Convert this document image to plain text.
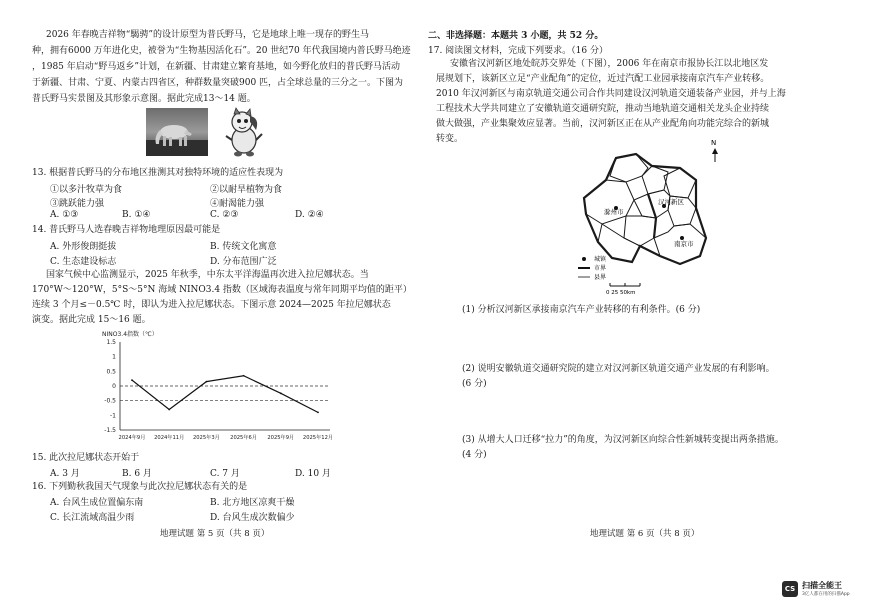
2026 年春晚吉祥物“騔骋”的设计原型为普氏野马，它是地球上唯一现存的野生马
种，拥有6000 万年进化史，被誉为“生物基因活化石”。20 世纪70 年代我国境内普氏野马绝迹
，1985 年启动“野马返乡”计划，在新疆、甘肃建立繁育基地，如今野化放归的普氏野马活动
于新疆、甘肃、宁夏、内蒙古四省区，种群数量突破900 匹，占全球总量的三分之一。下图为
普氏野马实景图及其形象示意图。据此完成13～14 题。
13. 根据普氏野马的分布地区推测其对独特环境的适应性表现为
①以多汁牧草为食	②以耐旱植物为食
③跳跃能力强	④耐渴能力强
A. ①③	B. ①④	C. ②③	D. ②④
14. 普氏野马人选春晚吉祥物地理原因最可能是
A. 外形俊朗挺拔	B. 传统文化寓意
C. 生态建设标志	D. 分布范围广泛
国家气候中心监测显示，2025 年秋季，中东太平洋海温再次进入拉尼娜状态。当
170°W～120°W，5°S～5°N 海域 NINO3.4 指数（区域海表温度与常年同期平均值的距平）
连续 3 个月≤－0.5℃ 时，即认为进入拉尼娜状态。下图示意 2024—2025 年拉尼娜状态
演变。据此完成 15～16 题。
NINO3.4指数（℃）
1.5
1
0.5
0
-0.5
-1
-1.5
2024年9月 2024年11月 2025年3月 2025年6月 2025年9月 2025年12月
15. 此次拉尼娜状态开始于
A. 3 月	B. 6 月	C. 7 月	D. 10 月
16. 下列勤秋我国天气现象与此次拉尼娜状态有关的是
A. 台风生成位置偏东南	B. 北方地区凉爽干燥
C. 长江流域高温少雨	D. 台风生成次数偏少
地理试题 第 5 页（共 8 页）
二、非选择题：本题共 3 小题，共 52 分。
17. 阅读图文材料，完成下列要求。（16 分）
安徽省汉河新区地处皖苏交界处（下图），2006 年在南京市报协长江以北地区发
展规划下，该新区立足“产业配角”的定位，近过汽配工业园承接南京汽车产业转移。
2010 年汉河新区与南京轨道交通公司合作共同建设汉河轨道交通装备产业园，并与上海
工程技术大学共同建立了安徽轨道交通研究院，推动当地轨道交通相关龙头企业持续
做大做强，产业集聚效应显著。当前，汉河新区正在从产业配角向功能完综合的新城
转变。	N
滁州市
汉河新区
南京市
城镇
市界
县界
0 25 50km
(1) 分析汉河新区承接南京汽车产业转移的有利条件。(6 分)
(2) 说明安徽轨道交通研究院的建立对汉河新区轨道交通产业发展的有利影响。
(6 分)
(3) 从增大人口迁移“拉力”的角度，为汉河新区向综合性新城转变提出两条措施。
(4 分)
地理试题 第 6 页（共 8 页）
CS 扫描全能王
3亿人都在用的扫描App
